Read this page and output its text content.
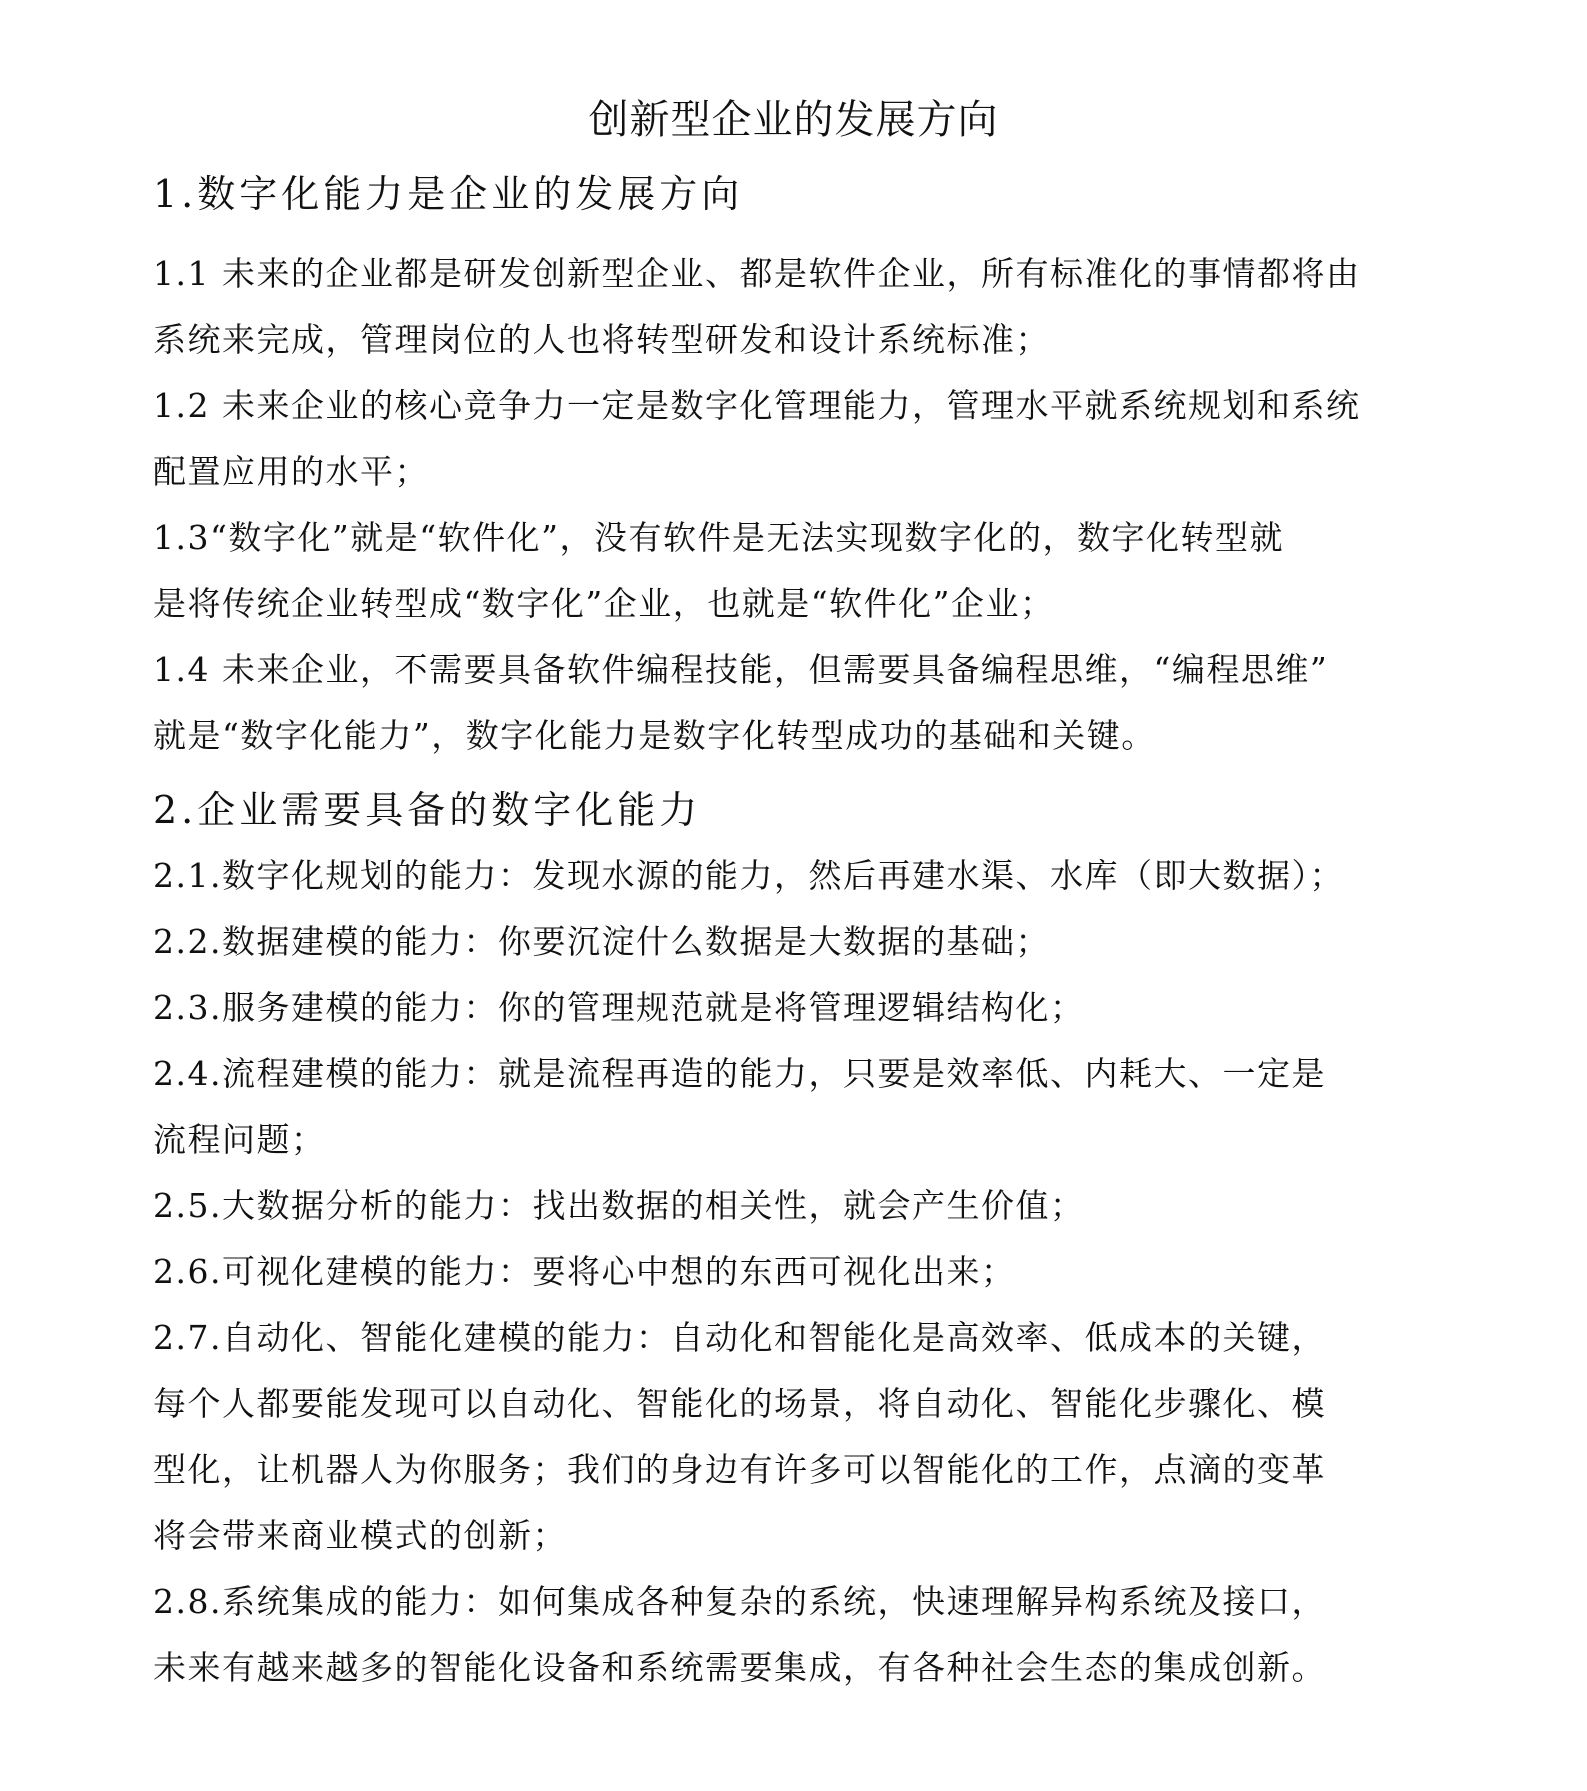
创新型企业的发展方向
1.数字化能力是企业的发展方向
1.1 未来的企业都是研发创新型企业、都是软件企业，所有标准化的事情都将由
系统来完成，管理岗位的人也将转型研发和设计系统标准；
1.2 未来企业的核心竞争力一定是数字化管理能力，管理水平就系统规划和系统
配置应用的水平；
1.3“数字化”就是“软件化”，没有软件是无法实现数字化的，数字化转型就
是将传统企业转型成“数字化”企业，也就是“软件化”企业；
1.4 未来企业，不需要具备软件编程技能，但需要具备编程思维，“编程思维”
就是“数字化能力”，数字化能力是数字化转型成功的基础和关键。
2.企业需要具备的数字化能力
2.1.数字化规划的能力：发现水源的能力，然后再建水渠、水库（即大数据）；
2.2.数据建模的能力：你要沉淀什么数据是大数据的基础；
2.3.服务建模的能力：你的管理规范就是将管理逻辑结构化；
2.4.流程建模的能力：就是流程再造的能力，只要是效率低、内耗大、一定是
流程问题；
2.5.大数据分析的能力：找出数据的相关性，就会产生价值；
2.6.可视化建模的能力：要将心中想的东西可视化出来；
2.7.自动化、智能化建模的能力：自动化和智能化是高效率、低成本的关键，
每个人都要能发现可以自动化、智能化的场景，将自动化、智能化步骤化、模
型化，让机器人为你服务；我们的身边有许多可以智能化的工作，点滴的变革
将会带来商业模式的创新；
2.8.系统集成的能力：如何集成各种复杂的系统，快速理解异构系统及接口，
未来有越来越多的智能化设备和系统需要集成，有各种社会生态的集成创新。
